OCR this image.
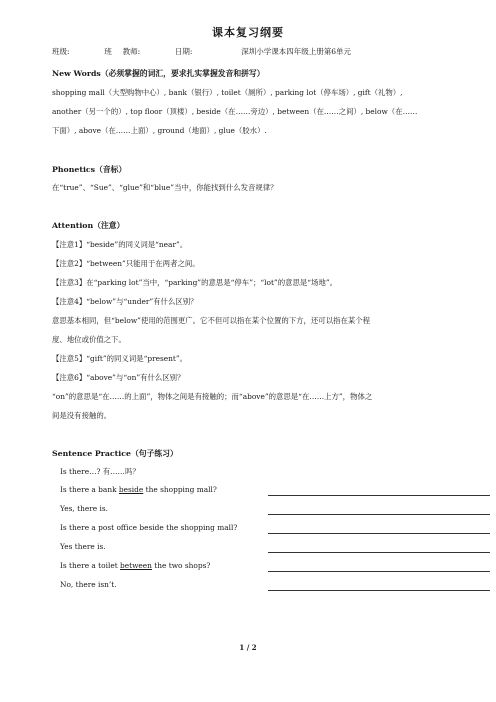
课本复习纲要
班级:	班 教师:	日期:	深圳小学课本四年级上册第6单元
New Words（必须掌握的词汇，要求扎实掌握发音和拼写）
shopping mall（大型购物中心）, bank（银行）, toilet（厕所）, parking lot（停车场）, gift（礼物）,
another（另一个的）, top floor（顶楼）, beside（在……旁边）, between（在……之间）, below（在……
下面）, above（在……上面）, ground（地面）, glue（胶水）.
Phonetics（音标）
在“true”、“Sue”、“glue”和“blue”当中，你能找到什么发音规律？
Attention（注意）
【注意1】“beside”的同义词是“near”。
【注意2】“between”只能用于在两者之间。
【注意3】在“parking lot”当中，“parking”的意思是“停车”；“lot”的意思是“场地”。
【注意4】“below”与“under”有什么区别？
意思基本相同，但“below”使用的范围更广。它不但可以指在某个位置的下方，还可以指在某个程
度、地位或价值之下。
【注意5】“gift”的同义词是“present”。
【注意6】“above”与“on”有什么区别？
“on”的意思是“在……的上面”，物体之间是有接触的；而“above”的意思是“在……上方”，物体之
间是没有接触的。
Sentence Practice（句子练习）
Is there…? 有……吗？
Is there a bank beside the shopping mall?
Yes, there is.
Is there a post office beside the shopping mall?
Yes there is.
Is there a toilet between the two shops?
No, there isn’t.
1 / 2
